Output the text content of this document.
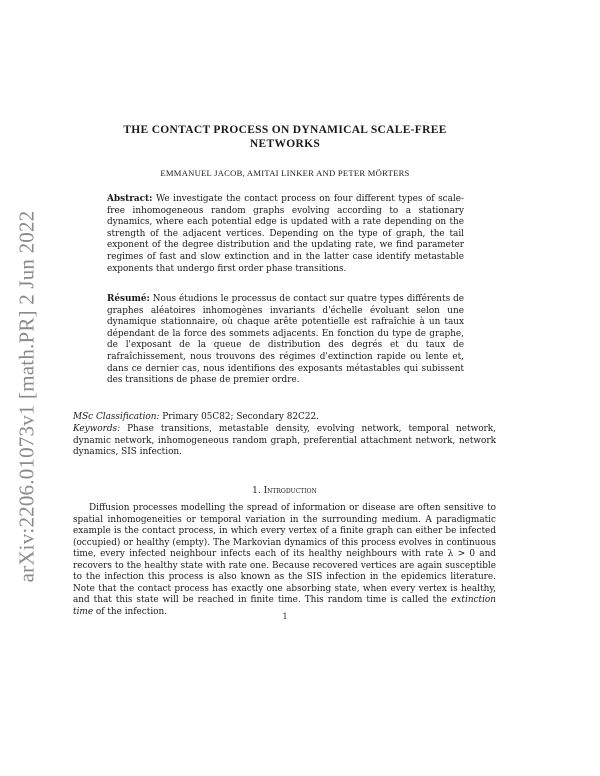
arXiv:2206.01073v1 [math.PR] 2 Jun 2022
THE CONTACT PROCESS ON DYNAMICAL SCALE-FREE
NETWORKS
EMMANUEL JACOB, AMITAI LINKER AND PETER MÖRTERS
Abstract: We investigate the contact process on four different types of scale-free inhomogeneous random graphs evolving according to a stationary dynamics, where each potential edge is updated with a rate depending on the strength of the adjacent vertices. Depending on the type of graph, the tail exponent of the degree distribution and the updating rate, we find parameter regimes of fast and slow extinction and in the latter case identify metastable exponents that undergo first order phase transitions.
Résumé: Nous étudions le processus de contact sur quatre types différents de graphes aléatoires inhomogènes invariants d'échelle évoluant selon une dynamique stationnaire, où chaque arête potentielle est rafraîchie à un taux dépendant de la force des sommets adjacents. En fonction du type de graphe, de l'exposant de la queue de distribution des degrés et du taux de rafraîchissement, nous trouvons des régimes d'extinction rapide ou lente et, dans ce dernier cas, nous identifions des exposants métastables qui subissent des transitions de phase de premier ordre.
MSc Classification: Primary 05C82; Secondary 82C22.
Keywords: Phase transitions, metastable density, evolving network, temporal network, dynamic network, inhomogeneous random graph, preferential attachment network, network dynamics, SIS infection.
1. Introduction
Diffusion processes modelling the spread of information or disease are often sensitive to spatial inhomogeneities or temporal variation in the surrounding medium. A paradigmatic example is the contact process, in which every vertex of a finite graph can either be infected (occupied) or healthy (empty). The Markovian dynamics of this process evolves in continuous time, every infected neighbour infects each of its healthy neighbours with rate λ > 0 and recovers to the healthy state with rate one. Because recovered vertices are again susceptible to the infection this process is also known as the SIS infection in the epidemics literature. Note that the contact process has exactly one absorbing state, when every vertex is healthy, and that this state will be reached in finite time. This random time is called the extinction time of the infection.	1
